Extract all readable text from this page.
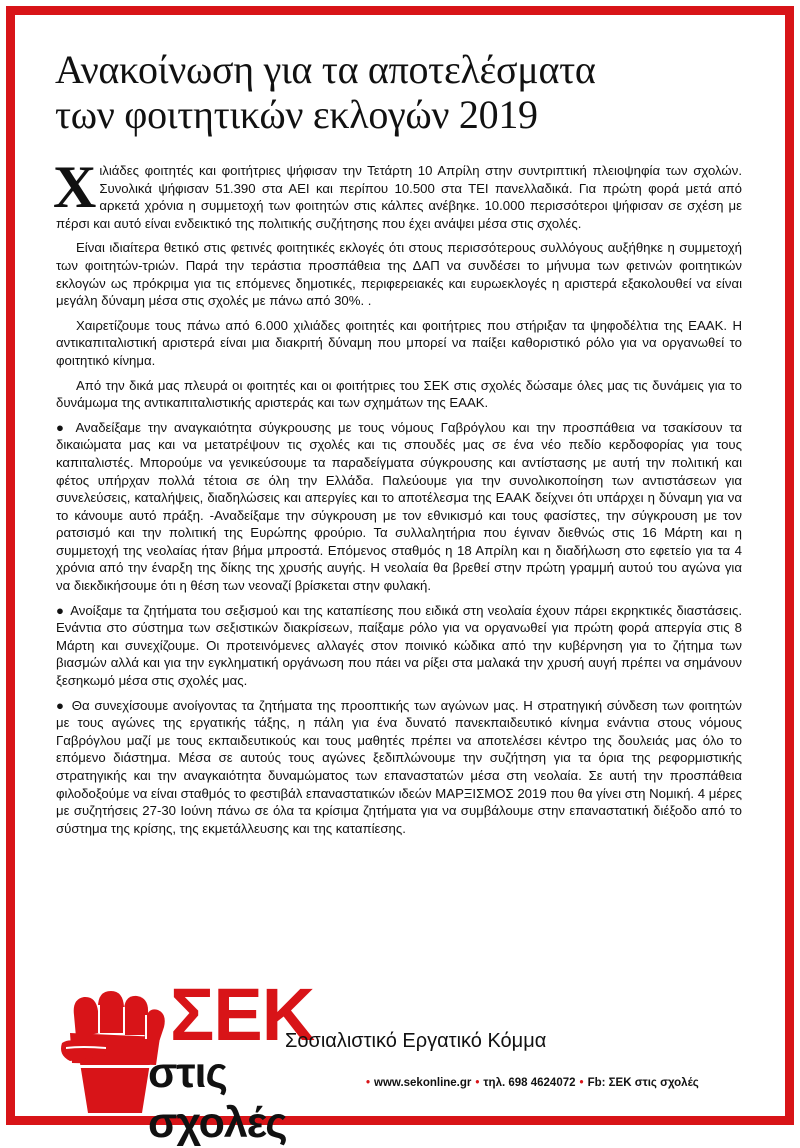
Ανακοίνωση για τα αποτελέσματα
των φοιτητικών εκλογών 2019

Χιλιάδες φοιτητές και φοιτήτριες ψήφισαν την Τετάρτη 10 Απρίλη στην συντριπτική πλειοψηφία των σχολών. Συνολικά ψήφισαν 51.390 στα ΑΕΙ και περίπου 10.500 στα ΤΕΙ πανελλαδικά. Για πρώτη φορά μετά από αρκετά χρόνια η συμμετοχή των φοιτητών στις κάλπες ανέβηκε. 10.000 περισσότεροι ψήφισαν σε σχέση με πέρσι και αυτό είναι ενδεικτικό της πολιτικής συζήτησης που έχει ανάψει μέσα στις σχολές.

Είναι ιδιαίτερα θετικό στις φετινές φοιτητικές εκλογές ότι στους περισσότερους συλλόγους αυξήθηκε η συμμετοχή των φοιτητών-τριών. Παρά την τεράστια προσπάθεια της ΔΑΠ να συνδέσει το μήνυμα των φετινών φοιτητικών εκλογών ως πρόκριμα για τις επόμενες δημοτικές, περιφερειακές και ευρωεκλογές η αριστερά εξακολουθεί να είναι μεγάλη δύναμη μέσα στις σχολές με πάνω από 30%. .

Χαιρετίζουμε τους πάνω από 6.000 χιλιάδες φοιτητές και φοιτήτριες που στήριξαν τα ψηφοδέλτια της ΕΑΑΚ. Η αντικαπιταλιστική αριστερά είναι μια διακριτή δύναμη που μπορεί να παίξει καθοριστικό ρόλο για να οργανωθεί το φοιτητικό κίνημα.

Από την δικά μας πλευρά οι φοιτητές και οι φοιτήτριες του ΣΕΚ στις σχολές δώσαμε όλες μας τις δυνάμεις για το δυνάμωμα της αντικαπιταλιστικής αριστεράς και των σχημάτων της ΕΑΑΚ.

● Αναδείξαμε την αναγκαιότητα σύγκρουσης με τους νόμους Γαβρόγλου και την προσπάθεια να τσακίσουν τα δικαιώματα μας και να μετατρέψουν τις σχολές και τις σπουδές μας σε ένα νέο πεδίο κερδοφορίας για τους καπιταλιστές. Μπορούμε να γενικεύσουμε τα παραδείγματα σύγκρουσης και αντίστασης με αυτή την πολιτική και φέτος υπήρχαν πολλά τέτοια σε όλη την Ελλάδα. Παλεύουμε για την συνολικοποίηση των αντιστάσεων για συνελεύσεις, καταλήψεις, διαδηλώσεις και απεργίες και το αποτέλεσμα της ΕΑΑΚ δείχνει ότι υπάρχει η δύναμη για να το κάνουμε αυτό πράξη. -Αναδείξαμε την σύγκρουση με τον εθνικισμό και τους φασίστες, την σύγκρουση με τον ρατσισμό και την πολιτική της Ευρώπης φρούριο. Τα συλλαλητήρια που έγιναν διεθνώς στις 16 Μάρτη και η συμμετοχή της νεολαίας ήταν βήμα μπροστά. Επόμενος σταθμός η 18 Απρίλη και η διαδήλωση στο εφετείο για τα 4 χρόνια από την έναρξη της δίκης της χρυσής αυγής. Η νεολαία θα βρεθεί στην πρώτη γραμμή αυτού του αγώνα για να διεκδικήσουμε ότι η θέση των νεοναζί βρίσκεται στην φυλακή.

● Ανοίξαμε τα ζητήματα του σεξισμού και της καταπίεσης που ειδικά στη νεολαία έχουν πάρει εκρηκτικές διαστάσεις. Ενάντια στο σύστημα των σεξιστικών διακρίσεων, παίξαμε ρόλο για να οργανωθεί για πρώτη φορά απεργία στις 8 Μάρτη και συνεχίζουμε. Οι προτεινόμενες αλλαγές στον ποινικό κώδικα από την κυβέρνηση για το ζήτημα των βιασμών αλλά και για την εγκληματική οργάνωση που πάει να ρίξει στα μαλακά την χρυσή αυγή πρέπει να σημάνουν ξεσηκωμό μέσα στις σχολές μας.

● Θα συνεχίσουμε ανοίγοντας τα ζητήματα της προοπτικής των αγώνων μας. Η στρατηγική σύνδεση των φοιτητών με τους αγώνες της εργατικής τάξης, η πάλη για ένα δυνατό πανεκπαιδευτικό κίνημα ενάντια στους νόμους Γαβρόγλου μαζί με τους εκπαιδευτικούς και τους μαθητές πρέπει να αποτελέσει κέντρο της δουλειάς μας όλο το επόμενο διάστημα. Μέσα σε αυτούς τους αγώνες ξεδιπλώνουμε την συζήτηση για τα όρια της ρεφορμιστικής στρατηγικής και την αναγκαιότητα δυναμώματος των επαναστατών μέσα στη νεολαία. Σε αυτή την προσπάθεια φιλοδοξούμε να είναι σταθμός το φεστιβάλ επαναστατικών ιδεών ΜΑΡΞΙΣΜΟΣ 2019 που θα γίνει στη Νομική. 4 μέρες με συζητήσεις 27-30 Ιούνη πάνω σε όλα τα κρίσιμα ζητήματα για να συμβάλουμε στην επαναστατική διέξοδο από το σύστημα της κρίσης, της εκμετάλλευσης και της καταπίεσης.

ΣΕΚ
στις σχολές
Σοσιαλιστικό Εργατικό Κόμμα
• www.sekonline.gr • τηλ. 698 4624072 • Fb: ΣΕΚ στις σχολές
